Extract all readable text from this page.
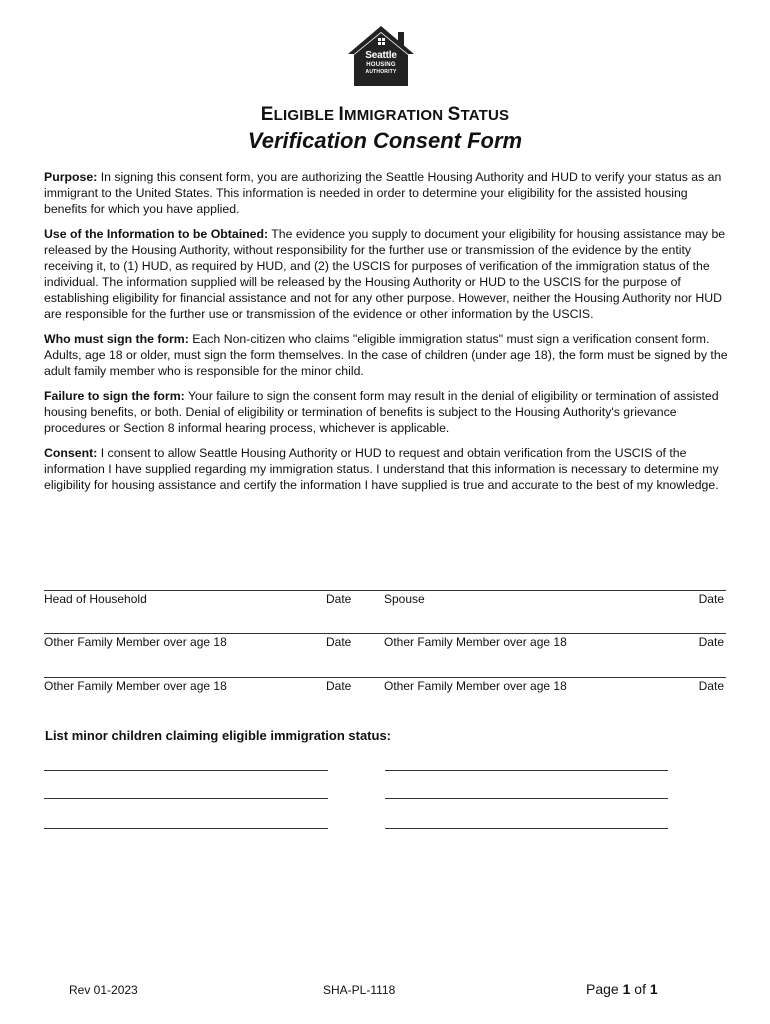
Seattle
HOUSING
AUTHORITY
ELIGIBLE IMMIGRATION STATUS
Verification Consent Form

Purpose: In signing this consent form, you are authorizing the Seattle Housing Authority and HUD to verify your status as an immigrant to the United States. This information is needed in order to determine your eligibility for the assisted housing benefits for which you have applied.

Use of the Information to be Obtained: The evidence you supply to document your eligibility for housing assistance may be released by the Housing Authority, without responsibility for the further use or transmission of the evidence by the entity receiving it, to (1) HUD, as required by HUD, and (2) the USCIS for purposes of verification of the immigration status of the individual. The information supplied will be released by the Housing Authority or HUD to the USCIS for the purpose of establishing eligibility for financial assistance and not for any other purpose. However, neither the Housing Authority nor HUD are responsible for the further use or transmission of the evidence or other information by the USCIS.

Who must sign the form: Each Non-citizen who claims "eligible immigration status" must sign a verification consent form. Adults, age 18 or older, must sign the form themselves. In the case of children (under age 18), the form must be signed by the adult family member who is responsible for the minor child.

Failure to sign the form: Your failure to sign the consent form may result in the denial of eligibility or termination of assisted housing benefits, or both. Denial of eligibility or termination of benefits is subject to the Housing Authority's grievance procedures or Section 8 informal hearing process, whichever is applicable.

Consent: I consent to allow Seattle Housing Authority or HUD to request and obtain verification from the USCIS of the information I have supplied regarding my immigration status. I understand that this information is necessary to determine my eligibility for housing assistance and certify the information I have supplied is true and accurate to the best of my knowledge.

Head of Household	Date	Spouse	Date
Other Family Member over age 18	Date	Other Family Member over age 18	Date
Other Family Member over age 18	Date	Other Family Member over age 18	Date
List minor children claiming eligible immigration status:
Rev 01-2023	SHA-PL-1118	Page 1 of 1
